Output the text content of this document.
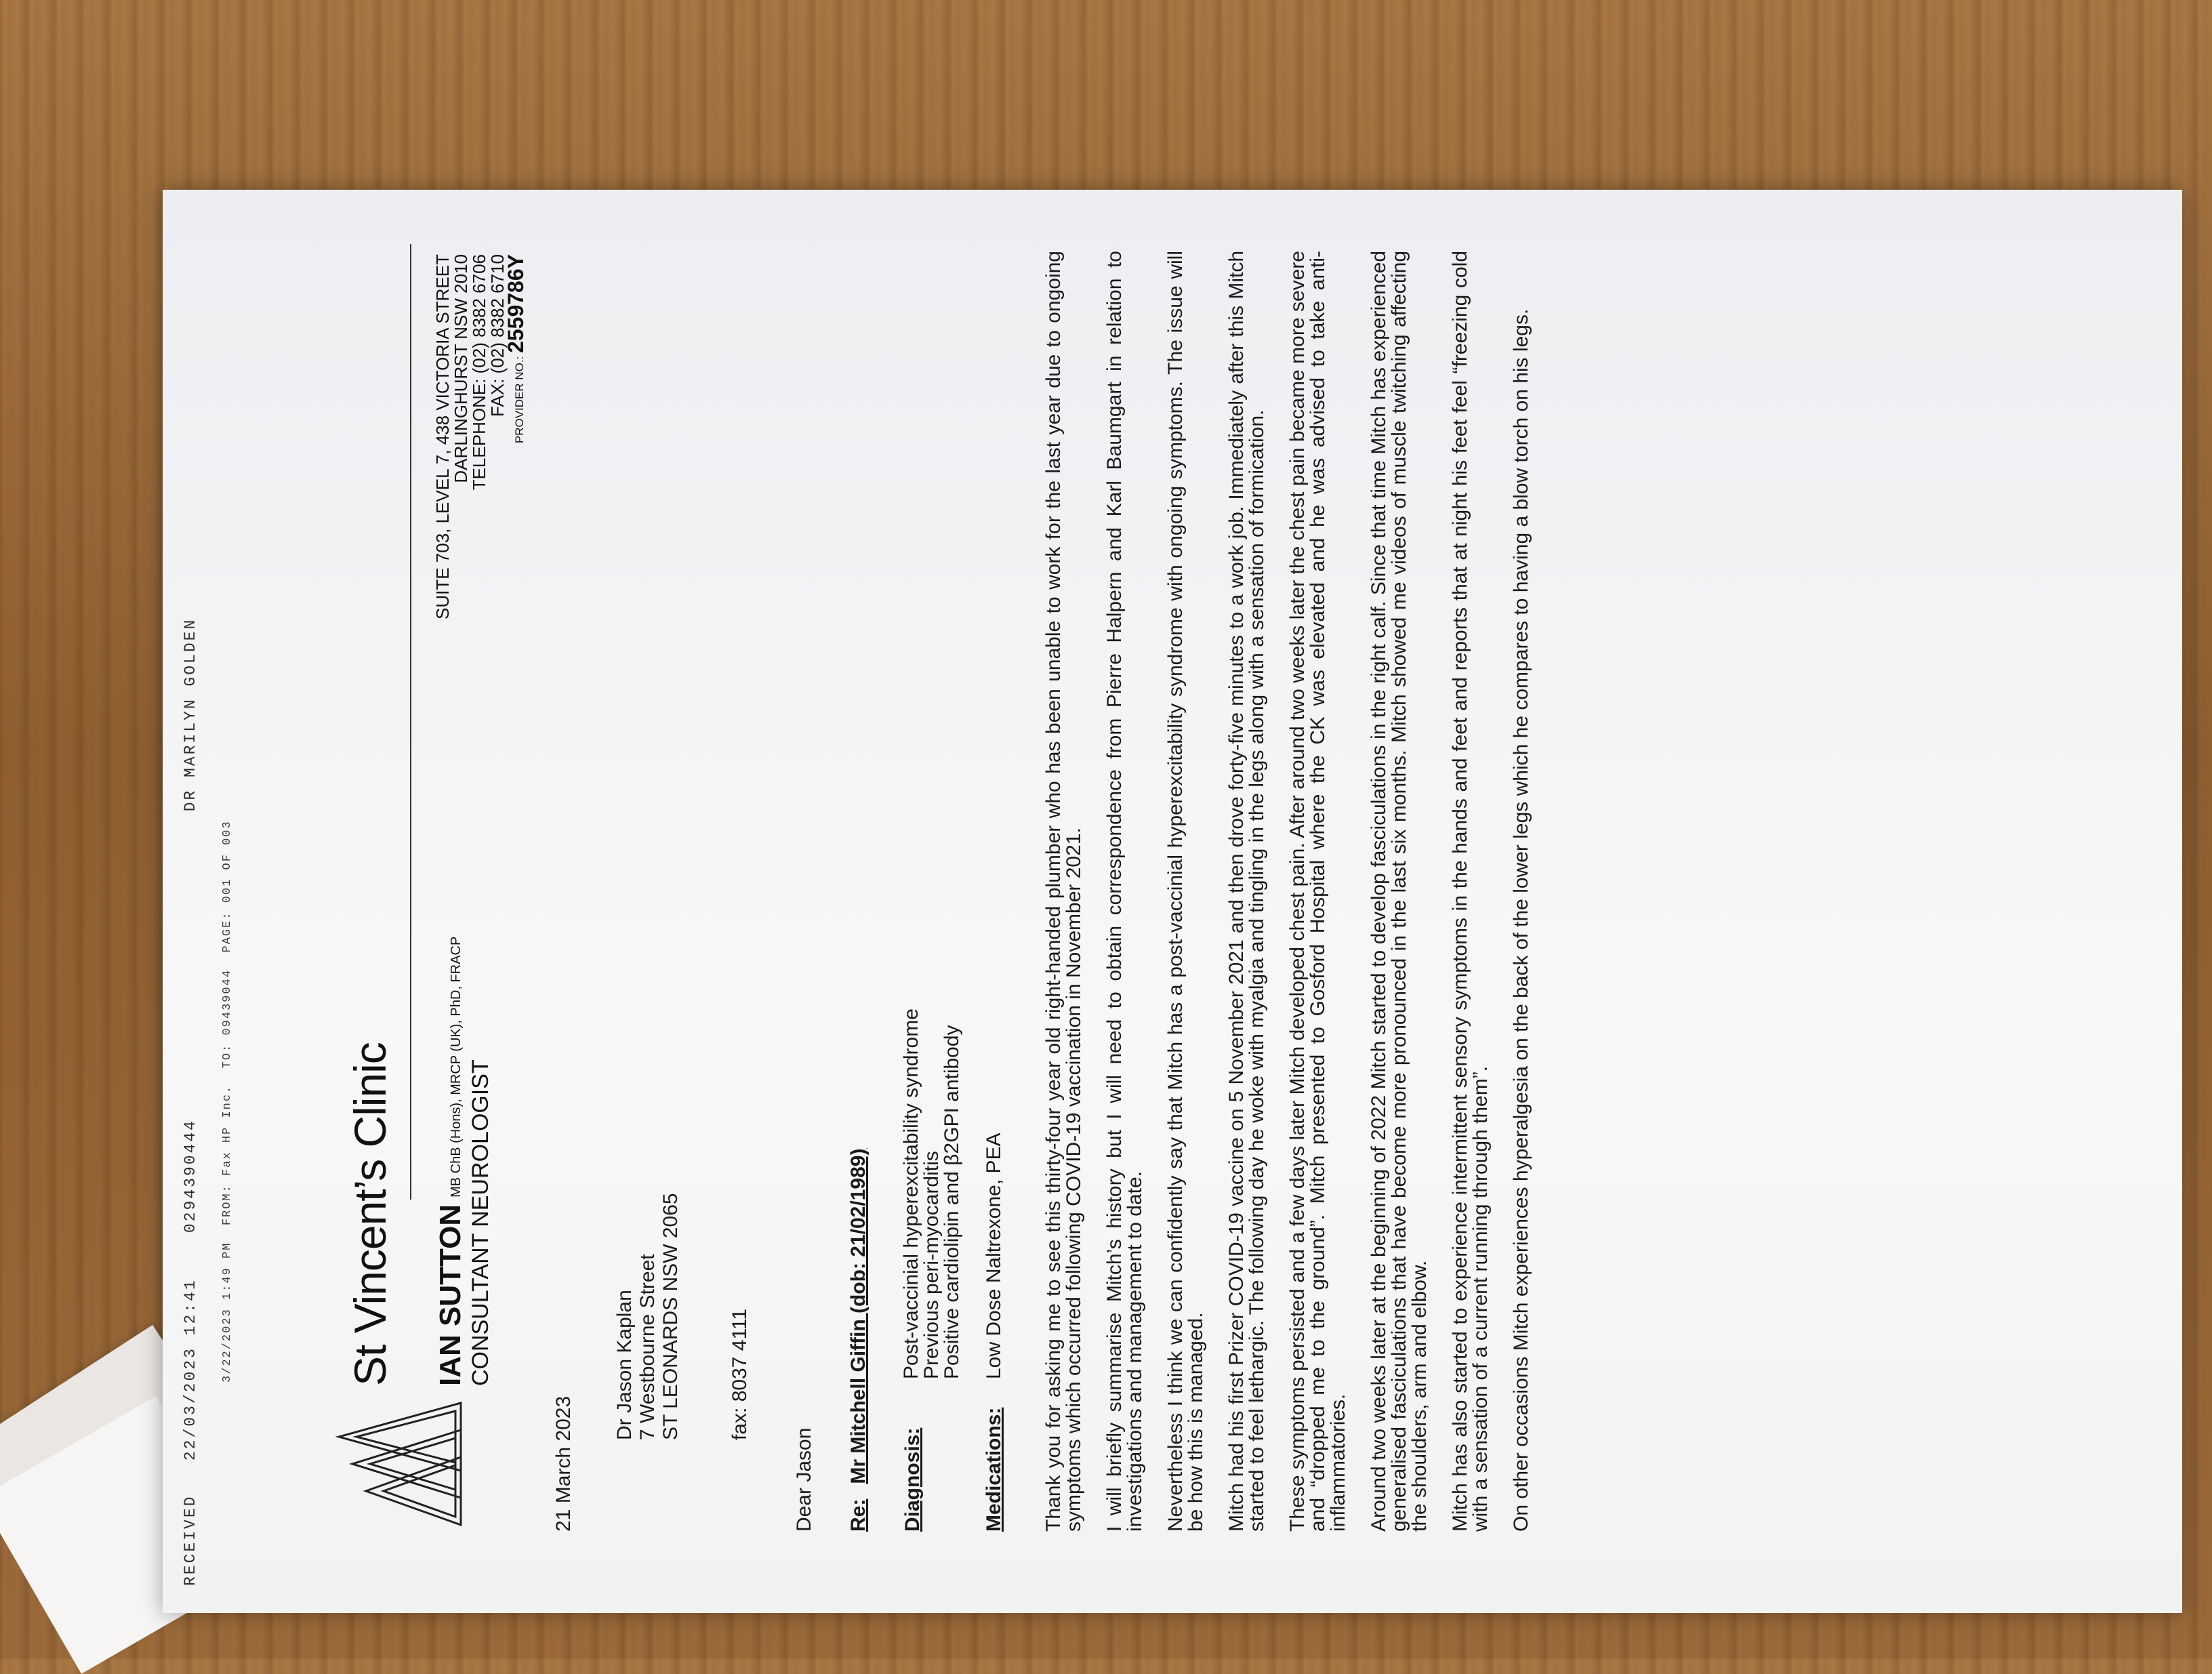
RECEIVED   22/03/2023 12:41    0294390444                           DR MARILYN GOLDEN
3/22/2023 1:49 PM  FROM: Fax HP Inc.  TO: 09439044  PAGE: 001 OF 003 St Vincent’s Clinic IAN SUTTONMB ChB (Hons), MRCP (UK), PhD, FRACP CONSULTANT NEUROLOGIST
SUITE 703, LEVEL 7, 438 VICTORIA STREET
DARLINGHURST NSW 2010
TELEPHONE: (02) 8382 6706
FAX: (02) 8382 6710 PROVIDER NO.: 2559786Y
21 March 2023
Dr Jason Kaplan 7 Westbourne Street ST LEONARDS NSW 2065 fax: 8037 4111
Dear Jason Re:Mr Mitchell Giffin (dob: 21/02/1989) Diagnosis:
Post-vaccinial hyperexcitability syndrome
Previous peri-myocarditis
Positive cardiolipin and β2GPI antibody
Medications:
Low Dose Naltrexone, PEA Thank you for asking me to see this thirty-four year old right-handed plumber who has been unable to work for the last year due to ongoing symptoms which occurred following COVID-19 vaccination in November 2021. I will briefly summarise Mitch’s history but I will need to obtain correspondence from Pierre Halpern and Karl Baumgart in relation to investigations and management to date. Nevertheless I think we can confidently say that Mitch has a post-vaccinial hyperexcitability syndrome with ongoing symptoms. The issue will be how this is managed. Mitch had his first Prizer COVID-19 vaccine on 5 November 2021 and then drove forty-five minutes to a work job. Immediately after this Mitch started to feel lethargic. The following day he woke with myalgia and tingling in the legs along with a sensation of formication. These symptoms persisted and a few days later Mitch developed chest pain. After around two weeks later the chest pain became more severe and “dropped me to the ground”. Mitch presented to Gosford Hospital where the CK was elevated and he was advised to take anti-inflammatories. Around two weeks later at the beginning of 2022 Mitch started to develop fasciculations in the right calf. Since that time Mitch has experienced generalised fasciculations that have become more pronounced in the last six months. Mitch showed me videos of muscle twitching affecting the shoulders, arm and elbow. Mitch has also started to experience intermittent sensory symptoms in the hands and feet and reports that at night his feet feel “freezing cold with a sensation of a current running through them”. On other occasions Mitch experiences hyperalgesia on the back of the lower legs which he compares to having a blow torch on his legs.
